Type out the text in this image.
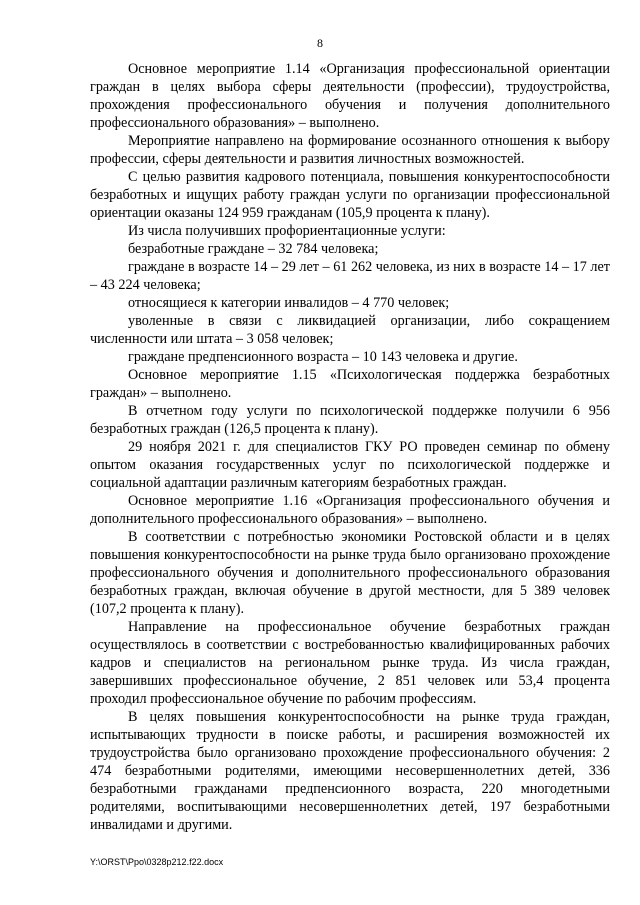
8

Основное мероприятие 1.14 «Организация профессиональной ориентации граждан в целях выбора сферы деятельности (профессии), трудоустройства, прохождения профессионального обучения и получения дополнительного профессионального образования» – выполнено.

Мероприятие направлено на формирование осознанного отношения к выбору профессии, сферы деятельности и развития личностных возможностей.

С целью развития кадрового потенциала, повышения конкурентоспособности безработных и ищущих работу граждан услуги по организации профессиональной ориентации оказаны 124 959 гражданам (105,9 процента к плану).

Из числа получивших профориентационные услуги:

безработные граждане – 32 784 человека;

граждане в возрасте 14 – 29 лет – 61 262 человека, из них в возрасте 14 – 17 лет – 43 224 человека;

относящиеся к категории инвалидов – 4 770 человек;

уволенные в связи с ликвидацией организации, либо сокращением численности или штата – 3 058 человек;

граждане предпенсионного возраста – 10 143 человека и другие.

Основное мероприятие 1.15 «Психологическая поддержка безработных граждан» – выполнено.

В отчетном году услуги по психологической поддержке получили 6 956 безработных граждан (126,5 процента к плану).

29 ноября 2021 г. для специалистов ГКУ РО проведен семинар по обмену опытом оказания государственных услуг по психологической поддержке и социальной адаптации различным категориям безработных граждан.

Основное мероприятие 1.16 «Организация профессионального обучения и дополнительного профессионального образования» – выполнено.

В соответствии с потребностью экономики Ростовской области и в целях повышения конкурентоспособности на рынке труда было организовано прохождение профессионального обучения и дополнительного профессионального образования безработных граждан, включая обучение в другой местности, для 5 389 человек (107,2 процента к плану).

Направление на профессиональное обучение безработных граждан осуществлялось в соответствии с востребованностью квалифицированных рабочих кадров и специалистов на региональном рынке труда. Из числа граждан, завершивших профессиональное обучение, 2 851 человек или 53,4 процента проходил профессиональное обучение по рабочим профессиям.

В целях повышения конкурентоспособности на рынке труда граждан, испытывающих трудности в поиске работы, и расширения возможностей их трудоустройства было организовано прохождение профессионального обучения: 2 474 безработными родителями, имеющими несовершеннолетних детей, 336 безработными гражданами предпенсионного возраста, 220 многодетными родителями, воспитывающими несовершеннолетних детей, 197 безработными инвалидами и другими.

Y:\ORST\Ppo\0328p212.f22.docx
